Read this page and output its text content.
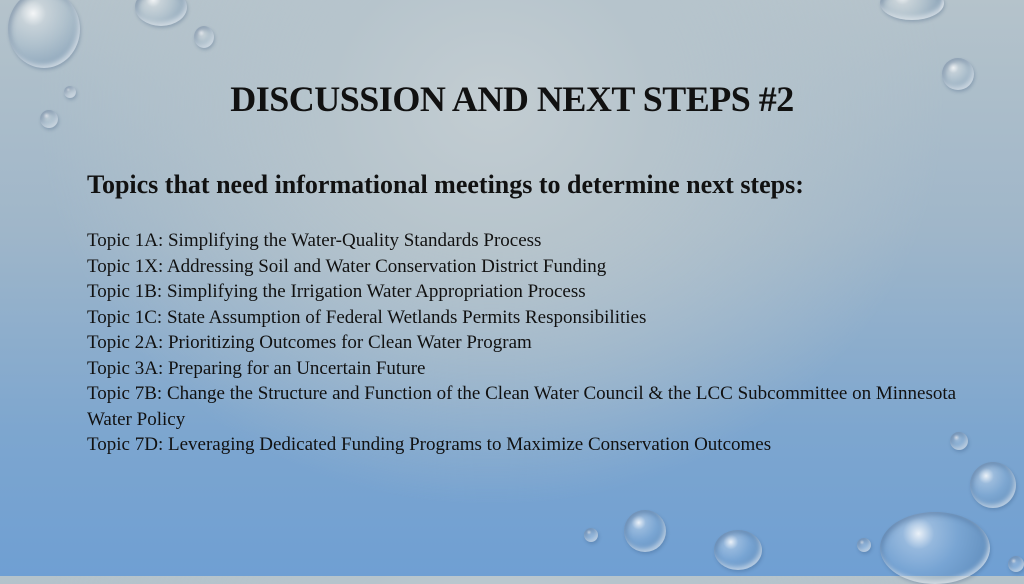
DISCUSSION AND NEXT STEPS #2
Topics that need informational meetings to determine next steps:
Topic 1A: Simplifying the Water-Quality Standards Process
Topic 1X: Addressing Soil and Water Conservation District Funding
Topic 1B: Simplifying the Irrigation Water Appropriation Process
Topic 1C: State Assumption of Federal Wetlands Permits Responsibilities
Topic 2A: Prioritizing Outcomes for Clean Water Program
Topic 3A: Preparing for an Uncertain Future
Topic 7B: Change the Structure and Function of the Clean Water Council & the LCC Subcommittee on Minnesota Water Policy
Topic 7D: Leveraging Dedicated Funding Programs to Maximize Conservation Outcomes
